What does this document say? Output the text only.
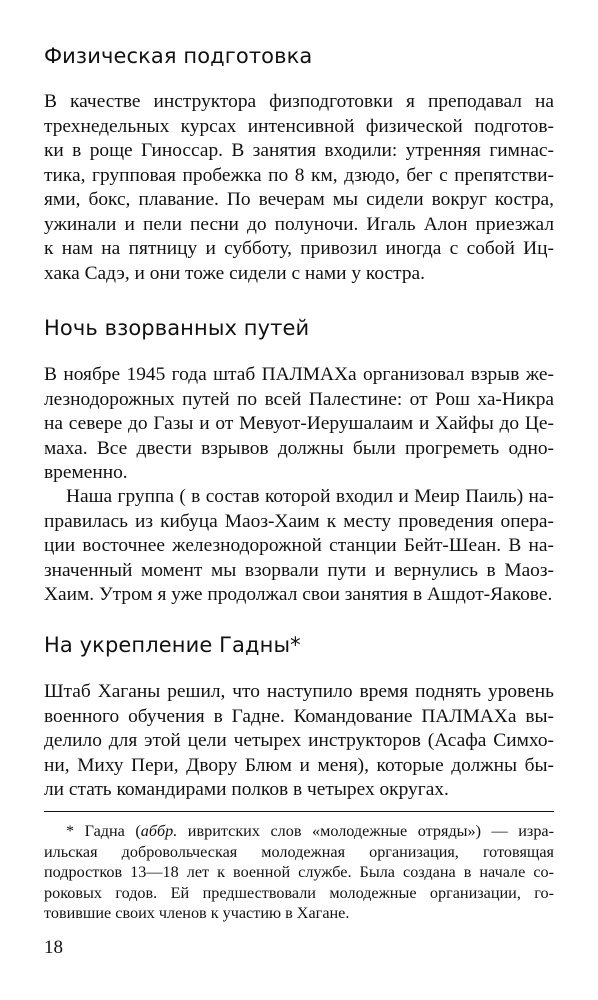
Физическая подготовка
В качестве инструктора физподготовки я преподавал на
трехнедельных курсах интенсивной физической подготов-
ки в роще Гиноссар. В занятия входили: утренняя гимнас-
тика, групповая пробежка по 8 км, дзюдо, бег с препятстви-
ями, бокс, плавание. По вечерам мы сидели вокруг костра,
ужинали и пели песни до полуночи. Игаль Алон приезжал
к нам на пятницу и субботу, привозил иногда с собой Иц-
хака Садэ, и они тоже сидели с нами у костра.
Ночь взорванных путей
В ноябре 1945 года штаб ПАЛМАХа организовал взрыв же-
лезнодорожных путей по всей Палестине: от Рош ха-Никра
на севере до Газы и от Мевуот-Иерушалаим и Хайфы до Це-
маха. Все двести взрывов должны были прогреметь одно-
временно.
Наша группа ( в состав которой входил и Меир Паиль) на-
правилась из кибуца Маоз-Хаим к месту проведения опера-
ции восточнее железнодорожной станции Бейт-Шеан. В на-
значенный момент мы взорвали пути и вернулись в Маоз-
Хаим. Утром я уже продолжал свои занятия в Ашдот-Яакове.
На укрепление Гадны*
Штаб Хаганы решил, что наступило время поднять уровень
военного обучения в Гадне. Командование ПАЛМАХа вы-
делило для этой цели четырех инструкторов (Асафа Симхо-
ни, Миху Пери, Двору Блюм и меня), которые должны бы-
ли стать командирами полков в четырех округах.
* Гадна (аббр. ивритских слов «молодежные отряды») — изра-
ильская добровольческая молодежная организация, готовящая
подростков 13—18 лет к военной службе. Была создана в начале со-
роковых годов. Ей предшествовали молодежные организации, го-
товившие своих членов к участию в Хагане.
18
